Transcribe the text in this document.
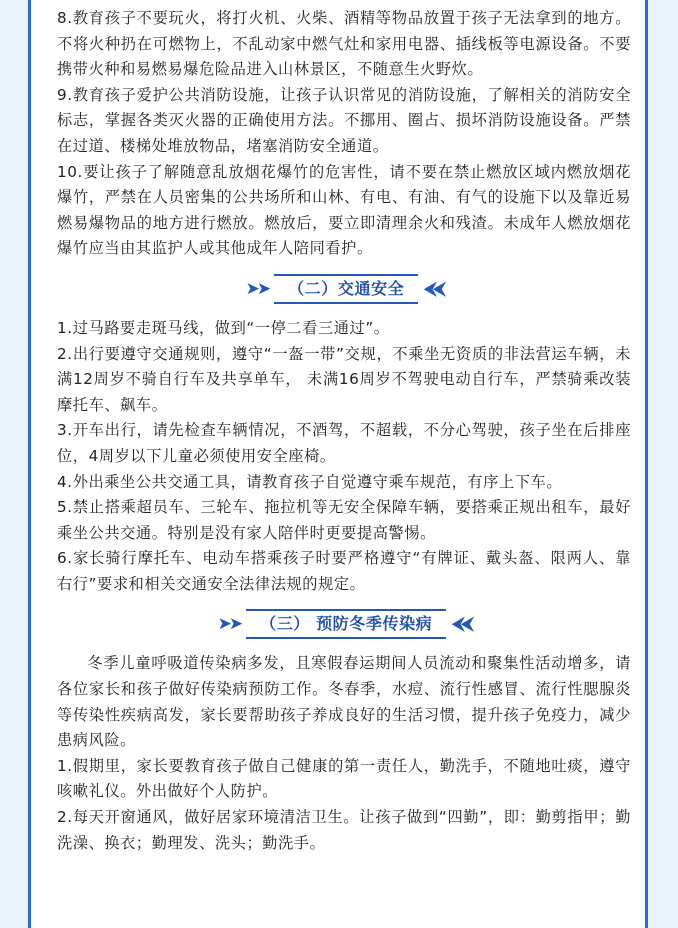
8.教育孩子不要玩火，将打火机、火柴、酒精等物品放置于孩子无法拿到的地方。不将火种扔在可燃物上，不乱动家中燃气灶和家用电器、插线板等电源设备。不要携带火种和易燃易爆危险品进入山林景区，不随意生火野炊。

9.教育孩子爱护公共消防设施，让孩子认识常见的消防设施，了解相关的消防安全标志，掌握各类灭火器的正确使用方法。不挪用、圈占、损坏消防设施设备。严禁在过道、楼梯处堆放物品，堵塞消防安全通道。

10.要让孩子了解随意乱放烟花爆竹的危害性，请不要在禁止燃放区域内燃放烟花爆竹，严禁在人员密集的公共场所和山林、有电、有油、有气的设施下以及靠近易燃易爆物品的地方进行燃放。燃放后，要立即清理余火和残渣。未成年人燃放烟花爆竹应当由其监护人或其他成年人陪同看护。

➤➤	（二）交通安全	⮜⮜

1.过马路要走斑马线，做到“一停二看三通过”。

2.出行要遵守交通规则，遵守“一盔一带”交规，不乘坐无资质的非法营运车辆，未满12周岁不骑自行车及共享单车， 未满16周岁不驾驶电动自行车，严禁骑乘改装摩托车、飙车。

3.开车出行，请先检查车辆情况，不酒驾，不超载，不分心驾驶，孩子坐在后排座位，4周岁以下儿童必须使用安全座椅。

4.外出乘坐公共交通工具，请教育孩子自觉遵守乘车规范，有序上下车。

5.禁止搭乘超员车、三轮车、拖拉机等无安全保障车辆，要搭乘正规出租车，最好乘坐公共交通。特别是没有家人陪伴时更要提高警惕。

6.家长骑行摩托车、电动车搭乘孩子时要严格遵守“有牌证、戴头盔、限两人、靠右行”要求和相关交通安全法律法规的规定。

➤➤	（三） 预防冬季传染病	⮜⮜

冬季儿童呼吸道传染病多发，且寒假春运期间人员流动和聚集性活动增多，请各位家长和孩子做好传染病预防工作。冬春季，水痘、流行性感冒、流行性腮腺炎等传染性疾病高发，家长要帮助孩子养成良好的生活习惯，提升孩子免疫力，减少患病风险。

1.假期里，家长要教育孩子做自己健康的第一责任人，勤洗手，不随地吐痰，遵守咳嗽礼仪。外出做好个人防护。

2.每天开窗通风，做好居家环境清洁卫生。让孩子做到“四勤”，即：勤剪指甲；勤洗澡、换衣；勤理发、洗头；勤洗手。
